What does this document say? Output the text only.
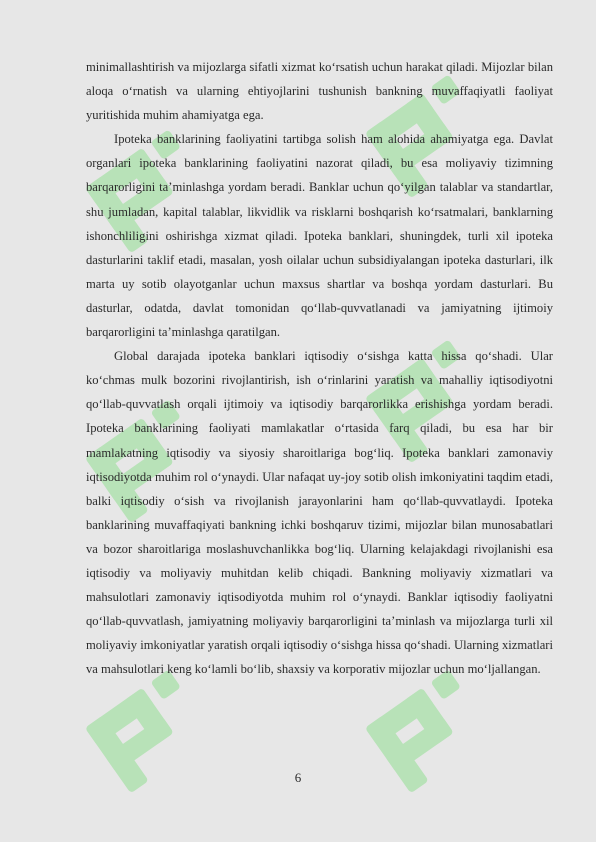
minimallashtirish va mijozlarga sifatli xizmat ko‘rsatish uchun harakat qiladi. Mijozlar bilan aloqa o‘rnatish va ularning ehtiyojlarini tushunish bankning muvaffaqiyatli faoliyat yuritishida muhim ahamiyatga ega.

Ipoteka banklarining faoliyatini tartibga solish ham alohida ahamiyatga ega. Davlat organlari ipoteka banklarining faoliyatini nazorat qiladi, bu esa moliyaviy tizimning barqarorligini ta’minlashga yordam beradi. Banklar uchun qo‘yilgan talablar va standartlar, shu jumladan, kapital talablar, likvidlik va risklarni boshqarish ko‘rsatmalari, banklarning ishonchliligini oshirishga xizmat qiladi. Ipoteka banklari, shuningdek, turli xil ipoteka dasturlarini taklif etadi, masalan, yosh oilalar uchun subsidiyalangan ipoteka dasturlari, ilk marta uy sotib olayotganlar uchun maxsus shartlar va boshqa yordam dasturlari. Bu dasturlar, odatda, davlat tomonidan qo‘llab-quvvatlanadi va jamiyatning ijtimoiy barqarorligini ta’minlashga qaratilgan.

Global darajada ipoteka banklari iqtisodiy o‘sishga katta hissa qo‘shadi. Ular ko‘chmas mulk bozorini rivojlantirish, ish o‘rinlarini yaratish va mahalliy iqtisodiyotni qo‘llab-quvvatlash orqali ijtimoiy va iqtisodiy barqarorlikka erishishga yordam beradi. Ipoteka banklarining faoliyati mamlakatlar o‘rtasida farq qiladi, bu esa har bir mamlakatning iqtisodiy va siyosiy sharoitlariga bog‘liq. Ipoteka banklari zamonaviy iqtisodiyotda muhim rol o‘ynaydi. Ular nafaqat uy-joy sotib olish imkoniyatini taqdim etadi, balki iqtisodiy o‘sish va rivojlanish jarayonlarini ham qo‘llab-quvvatlaydi. Ipoteka banklarining muvaffaqiyati bankning ichki boshqaruv tizimi, mijozlar bilan munosabatlari va bozor sharoitlariga moslashuvchanlikka bog‘liq. Ularning kelajakdagi rivojlanishi esa iqtisodiy va moliyaviy muhitdan kelib chiqadi. Bankning moliyaviy xizmatlari va mahsulotlari zamonaviy iqtisodiyotda muhim rol o‘ynaydi. Banklar iqtisodiy faoliyatni qo‘llab-quvvatlash, jamiyatning moliyaviy barqarorligini ta’minlash va mijozlarga turli xil moliyaviy imkoniyatlar yaratish orqali iqtisodiy o‘sishga hissa qo‘shadi. Ularning xizmatlari va mahsulotlari keng ko‘lamli bo‘lib, shaxsiy va korporativ mijozlar uchun mo‘ljallangan.

6
